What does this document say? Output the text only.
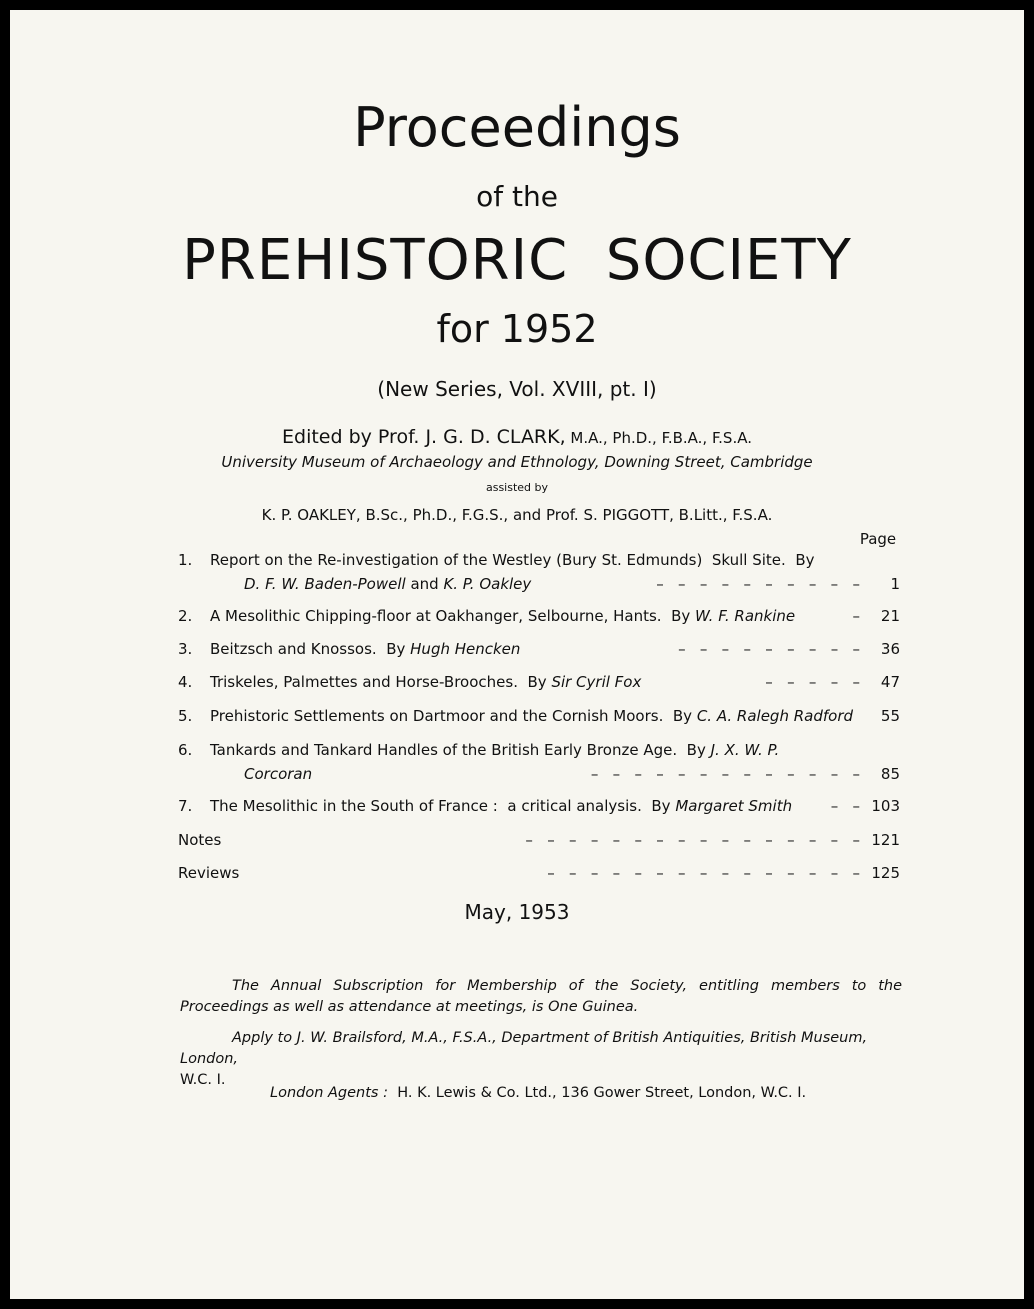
Proceedings
of the
PREHISTORIC  SOCIETY
for 1952
(New Series, Vol. XVIII, pt. I)
Edited by Prof. J. G. D. CLARK, M.A., Ph.D., F.B.A., F.S.A.
University Museum of Archaeology and Ethnology, Downing Street, Cambridge
assisted by
K. P. OAKLEY, B.Sc., Ph.D., F.G.S., and Prof. S. PIGGOTT, B.Litt., F.S.A.
Page
1. Report on the Re-investigation of the Westley (Bury St. Edmunds)  Skull Site.  By
D. F. W. Baden-Powell and K. P. Oakley	–   –   –   –   –   –   –   –   –   –	1
2. A Mesolithic Chipping-floor at Oakhanger, Selbourne, Hants.  By W. F. Rankine	–	21
3. Beitzsch and Knossos.  By Hugh Hencken	–   –   –   –   –   –   –   –   –	36
4. Triskeles, Palmettes and Horse-Brooches.  By Sir Cyril Fox	–   –   –   –   –	47
5. Prehistoric Settlements on Dartmoor and the Cornish Moors.  By C. A. Ralegh Radford	55
6. Tankards and Tankard Handles of the British Early Bronze Age.  By J. X. W. P.
Corcoran	–   –   –   –   –   –   –   –   –   –   –   –   –	85
7. The Mesolithic in the South of France :  a critical analysis.  By Margaret Smith	–   – 103
Notes	–   –   –   –   –   –   –   –   –   –   –   –   –   –   –   – 121
Reviews	–   –   –   –   –   –   –   –   –   –   –   –   –   –   – 125
May, 1953
The Annual Subscription for Membership of the Society, entitling members to the Proceedings as well as attendance at meetings, is One Guinea.
Apply to J. W. Brailsford, M.A., F.S.A., Department of British Antiquities, British Museum, London,
W.C. I.
London Agents :  H. K. Lewis & Co. Ltd., 136 Gower Street, London, W.C. I.
